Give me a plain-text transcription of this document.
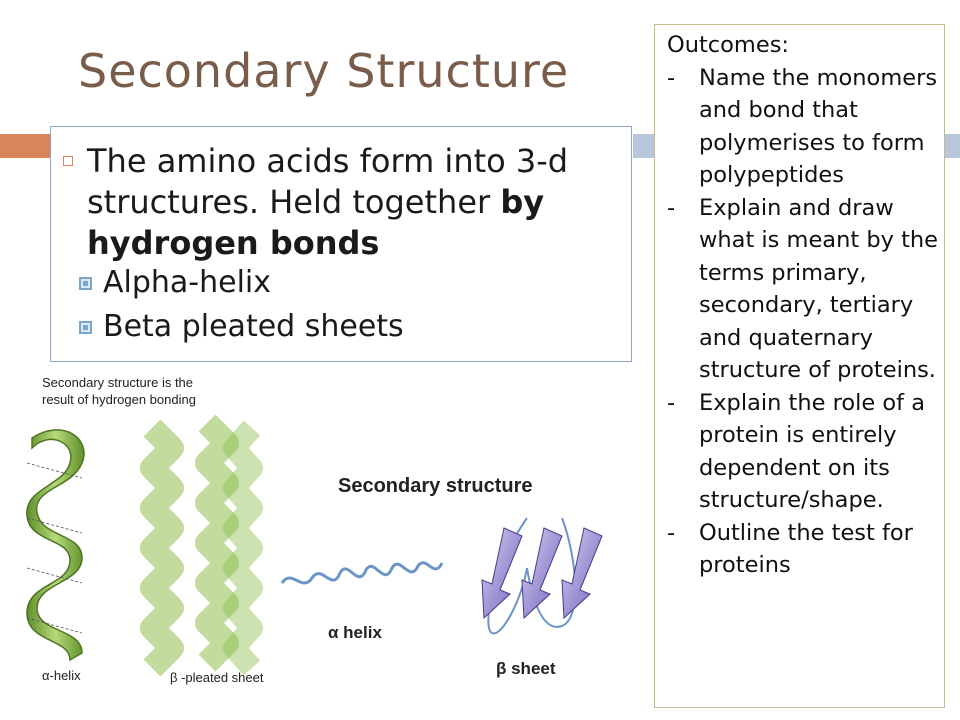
Secondary Structure
The amino acids form into 3-d structures. Held together by hydrogen bonds
Alpha-helix
Beta pleated sheets
Outcomes:
- Name the monomers and bond that polymerises to form polypeptides
- Explain and draw what is meant by the terms primary, secondary, tertiary and quaternary structure of proteins.
- Explain the role of a protein is entirely dependent on its structure/shape.
- Outline the test for proteins
Secondary structure is the
result of hydrogen bonding
α-helix	β -pleated sheet
Secondary structure
α helix
β sheet
